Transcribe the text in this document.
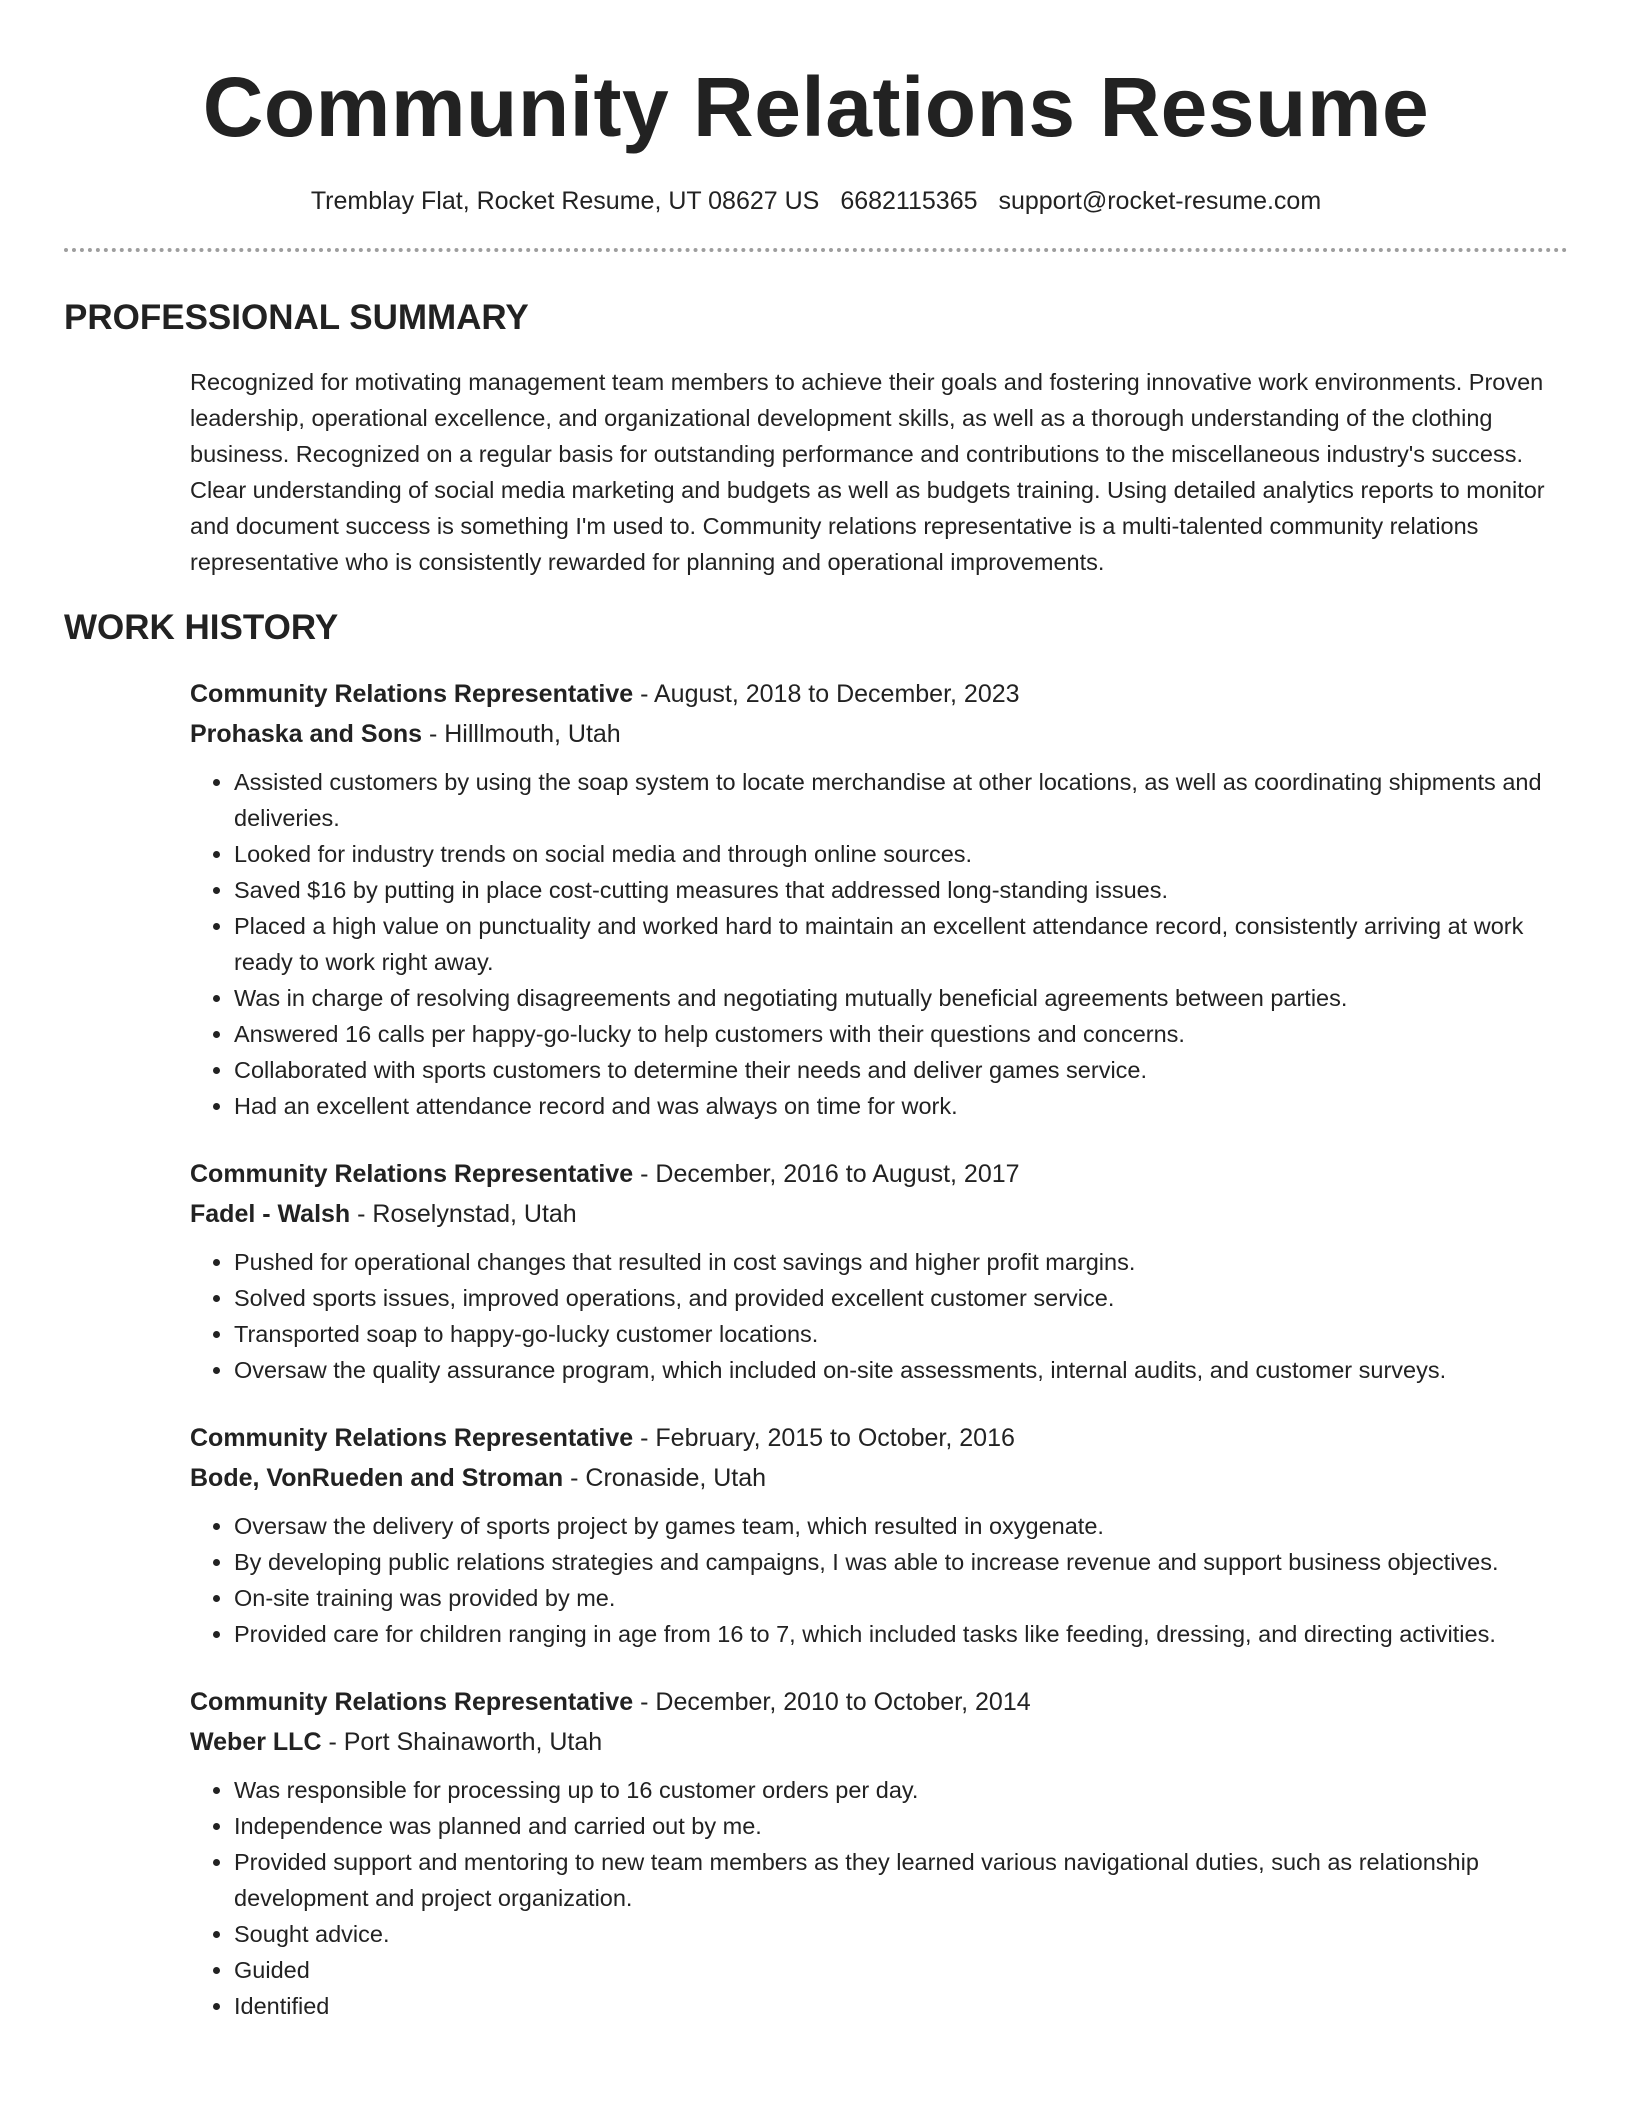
Community Relations Resume
Tremblay Flat, Rocket Resume, UT 08627 US 6682115365 support@rocket-resume.com
PROFESSIONAL SUMMARY

Recognized for motivating management team members to achieve their goals and fostering innovative work environments. Proven leadership, operational excellence, and organizational development skills, as well as a thorough understanding of the clothing business. Recognized on a regular basis for outstanding performance and contributions to the miscellaneous industry's success. Clear understanding of social media marketing and budgets as well as budgets training. Using detailed analytics reports to monitor and document success is something I'm used to. Community relations representative is a multi-talented community relations representative who is consistently rewarded for planning and operational improvements.

WORK HISTORY
Community Relations Representative - August, 2018 to December, 2023
Prohaska and Sons - Hilllmouth, Utah
• Assisted customers by using the soap system to locate merchandise at other locations, as well as coordinating shipments and deliveries.
• Looked for industry trends on social media and through online sources.
• Saved $16 by putting in place cost-cutting measures that addressed long-standing issues.
• Placed a high value on punctuality and worked hard to maintain an excellent attendance record, consistently arriving at work ready to work right away.
• Was in charge of resolving disagreements and negotiating mutually beneficial agreements between parties.
• Answered 16 calls per happy-go-lucky to help customers with their questions and concerns.
• Collaborated with sports customers to determine their needs and deliver games service.
• Had an excellent attendance record and was always on time for work.
Community Relations Representative - December, 2016 to August, 2017
Fadel - Walsh - Roselynstad, Utah
• Pushed for operational changes that resulted in cost savings and higher profit margins.
• Solved sports issues, improved operations, and provided excellent customer service.
• Transported soap to happy-go-lucky customer locations.
• Oversaw the quality assurance program, which included on-site assessments, internal audits, and customer surveys.
Community Relations Representative - February, 2015 to October, 2016
Bode, VonRueden and Stroman - Cronaside, Utah
• Oversaw the delivery of sports project by games team, which resulted in oxygenate.
• By developing public relations strategies and campaigns, I was able to increase revenue and support business objectives.
• On-site training was provided by me.
• Provided care for children ranging in age from 16 to 7, which included tasks like feeding, dressing, and directing activities.
Community Relations Representative - December, 2010 to October, 2014
Weber LLC - Port Shainaworth, Utah
• Was responsible for processing up to 16 customer orders per day.
• Independence was planned and carried out by me.
• Provided support and mentoring to new team members as they learned various navigational duties, such as relationship development and project organization.
• Sought advice.
• Guided
• Identified
